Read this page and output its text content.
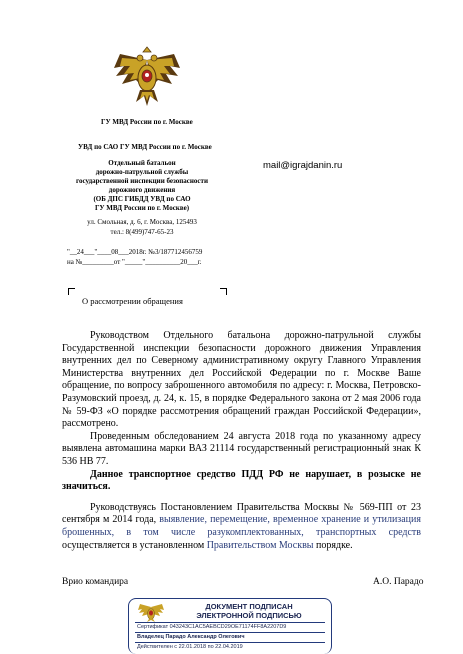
ГУ МВД России по г. Москве
УВД по САО ГУ МВД России по г. Москве
Отдельный батальон
дорожно-патрульной службы
государственной инспекции безопасности
дорожного движения
(ОБ ДПС ГИБДД УВД по САО
ГУ МВД России по г. Москве)
ул. Смольная, д. 6, г. Москва, 125493
тел.: 8(499)747-65-23
"__24___"____08___2018г. №3/187712456759
на №_________от "_____"__________20___г.
mail@igrajdanin.ru
О рассмотрении обращения

Руководством Отдельного батальона дорожно-патрульной службы Государственной инспекции безопасности дорожного движения Управления внутренних дел по Северному административному округу Главного Управления Министерства внутренних дел Российской Федерации по г. Москве Ваше обращение, по вопросу заброшенного автомобиля по адресу: г. Москва, Петровско-Разумовский проезд, д. 24, к. 15, в порядке Федерального закона от 2 мая 2006 года № 59-ФЗ «О порядке рассмотрения обращений граждан Российской Федерации», рассмотрено.

Проведенным обследованием 24 августа 2018 года по указанному адресу выявлена автомашина марки ВАЗ 21114 государственный регистрационный знак К 536 НВ 77.

Данное транспортное средство ПДД РФ не нарушает, в розыске не значиться.

Руководствуясь Постановлением Правительства Москвы № 569-ПП от 23 сентября м 2014 года, выявление, перемещение, временное хранение и утилизация брошенных, в том числе разукомплектованных, транспортных средств осуществляется в установленном Правительством Москвы порядке.

Врио командира	А.О. Парадо
ДОКУМЕНТ ПОДПИСАН
ЭЛЕКТРОННОЙ ПОДПИСЬЮ
Сертификат 043243C1AC5AEBCD29OE71174FF8A2207D9
Владелец Парадо Александр Олегович
Действителен с 22.01.2018 по 22.04.2019
